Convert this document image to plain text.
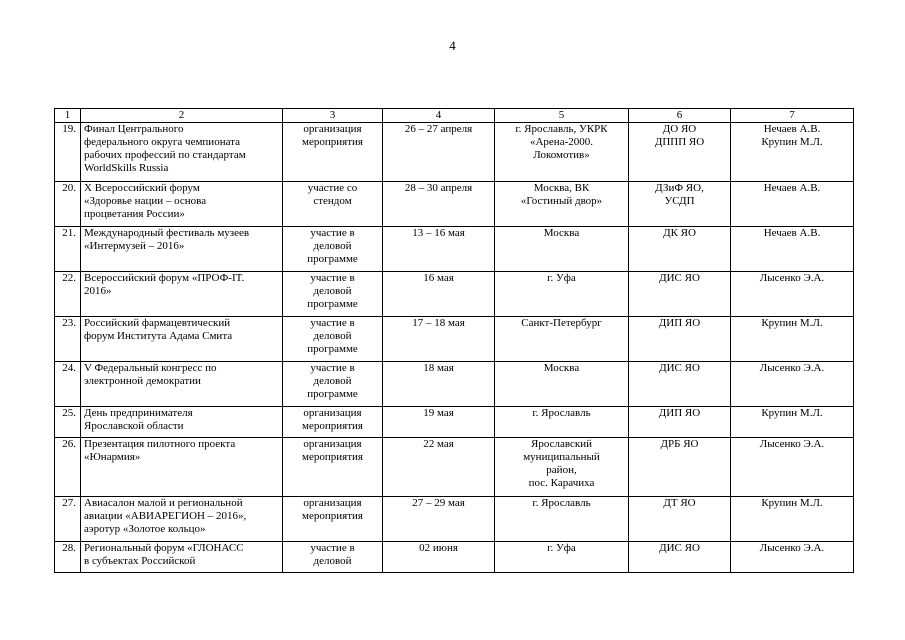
4
1	2	3	4	5	6	7
19.	Финал Центрального
федерального округа чемпионата
рабочих профессий по стандартам
WorldSkills Russia	организация
мероприятия	26 – 27 апреля	г. Ярославль, УКРК
«Арена-2000.
Локомотив»	ДО ЯО
ДППП ЯО	Нечаев А.В.
Крупин М.Л.

20.	X Всероссийский форум
«Здоровье нации – основа
процветания России»	участие со
стендом	28 – 30 апреля	Москва, ВК
«Гостиный двор»	ДЗиФ ЯО,
УСДП	Нечаев А.В.

21.	Международный фестиваль музеев
«Интермузей – 2016»	участие в
деловой
программе	13 – 16 мая	Москва	ДК ЯО	Нечаев А.В.

22.	Всероссийский форум «ПРОФ-IT.
2016»	участие в
деловой
программе	16 мая	г. Уфа	ДИС ЯО	Лысенко Э.А.

23.	Российский фармацевтический
форум Института Адама Смита	участие в
деловой
программе	17 – 18 мая	Санкт-Петербург	ДИП ЯО	Крупин М.Л.

24.	V Федеральный конгресс по
электронной демократии	участие в
деловой
программе	18 мая	Москва	ДИС ЯО	Лысенко Э.А.

25.	День предпринимателя
Ярославской области	организация
мероприятия	19 мая	г. Ярославль	ДИП ЯО	Крупин М.Л.

26.	Презентация пилотного проекта
«Юнармия»	организация
мероприятия	22 мая	Ярославский
муниципальный
район,
пос. Карачиха	ДРБ ЯО	Лысенко Э.А.

27.	Авиасалон малой и региональной
авиации «АВИАРЕГИОН – 2016»,
аэротур «Золотое кольцо»	организация
мероприятия	27 – 29 мая	г. Ярославль	ДТ ЯО	Крупин М.Л.

28.	Региональный форум «ГЛОНАСС
в субъектах Российской	участие в
деловой	02 июня	г. Уфа	ДИС ЯО	Лысенко Э.А.
